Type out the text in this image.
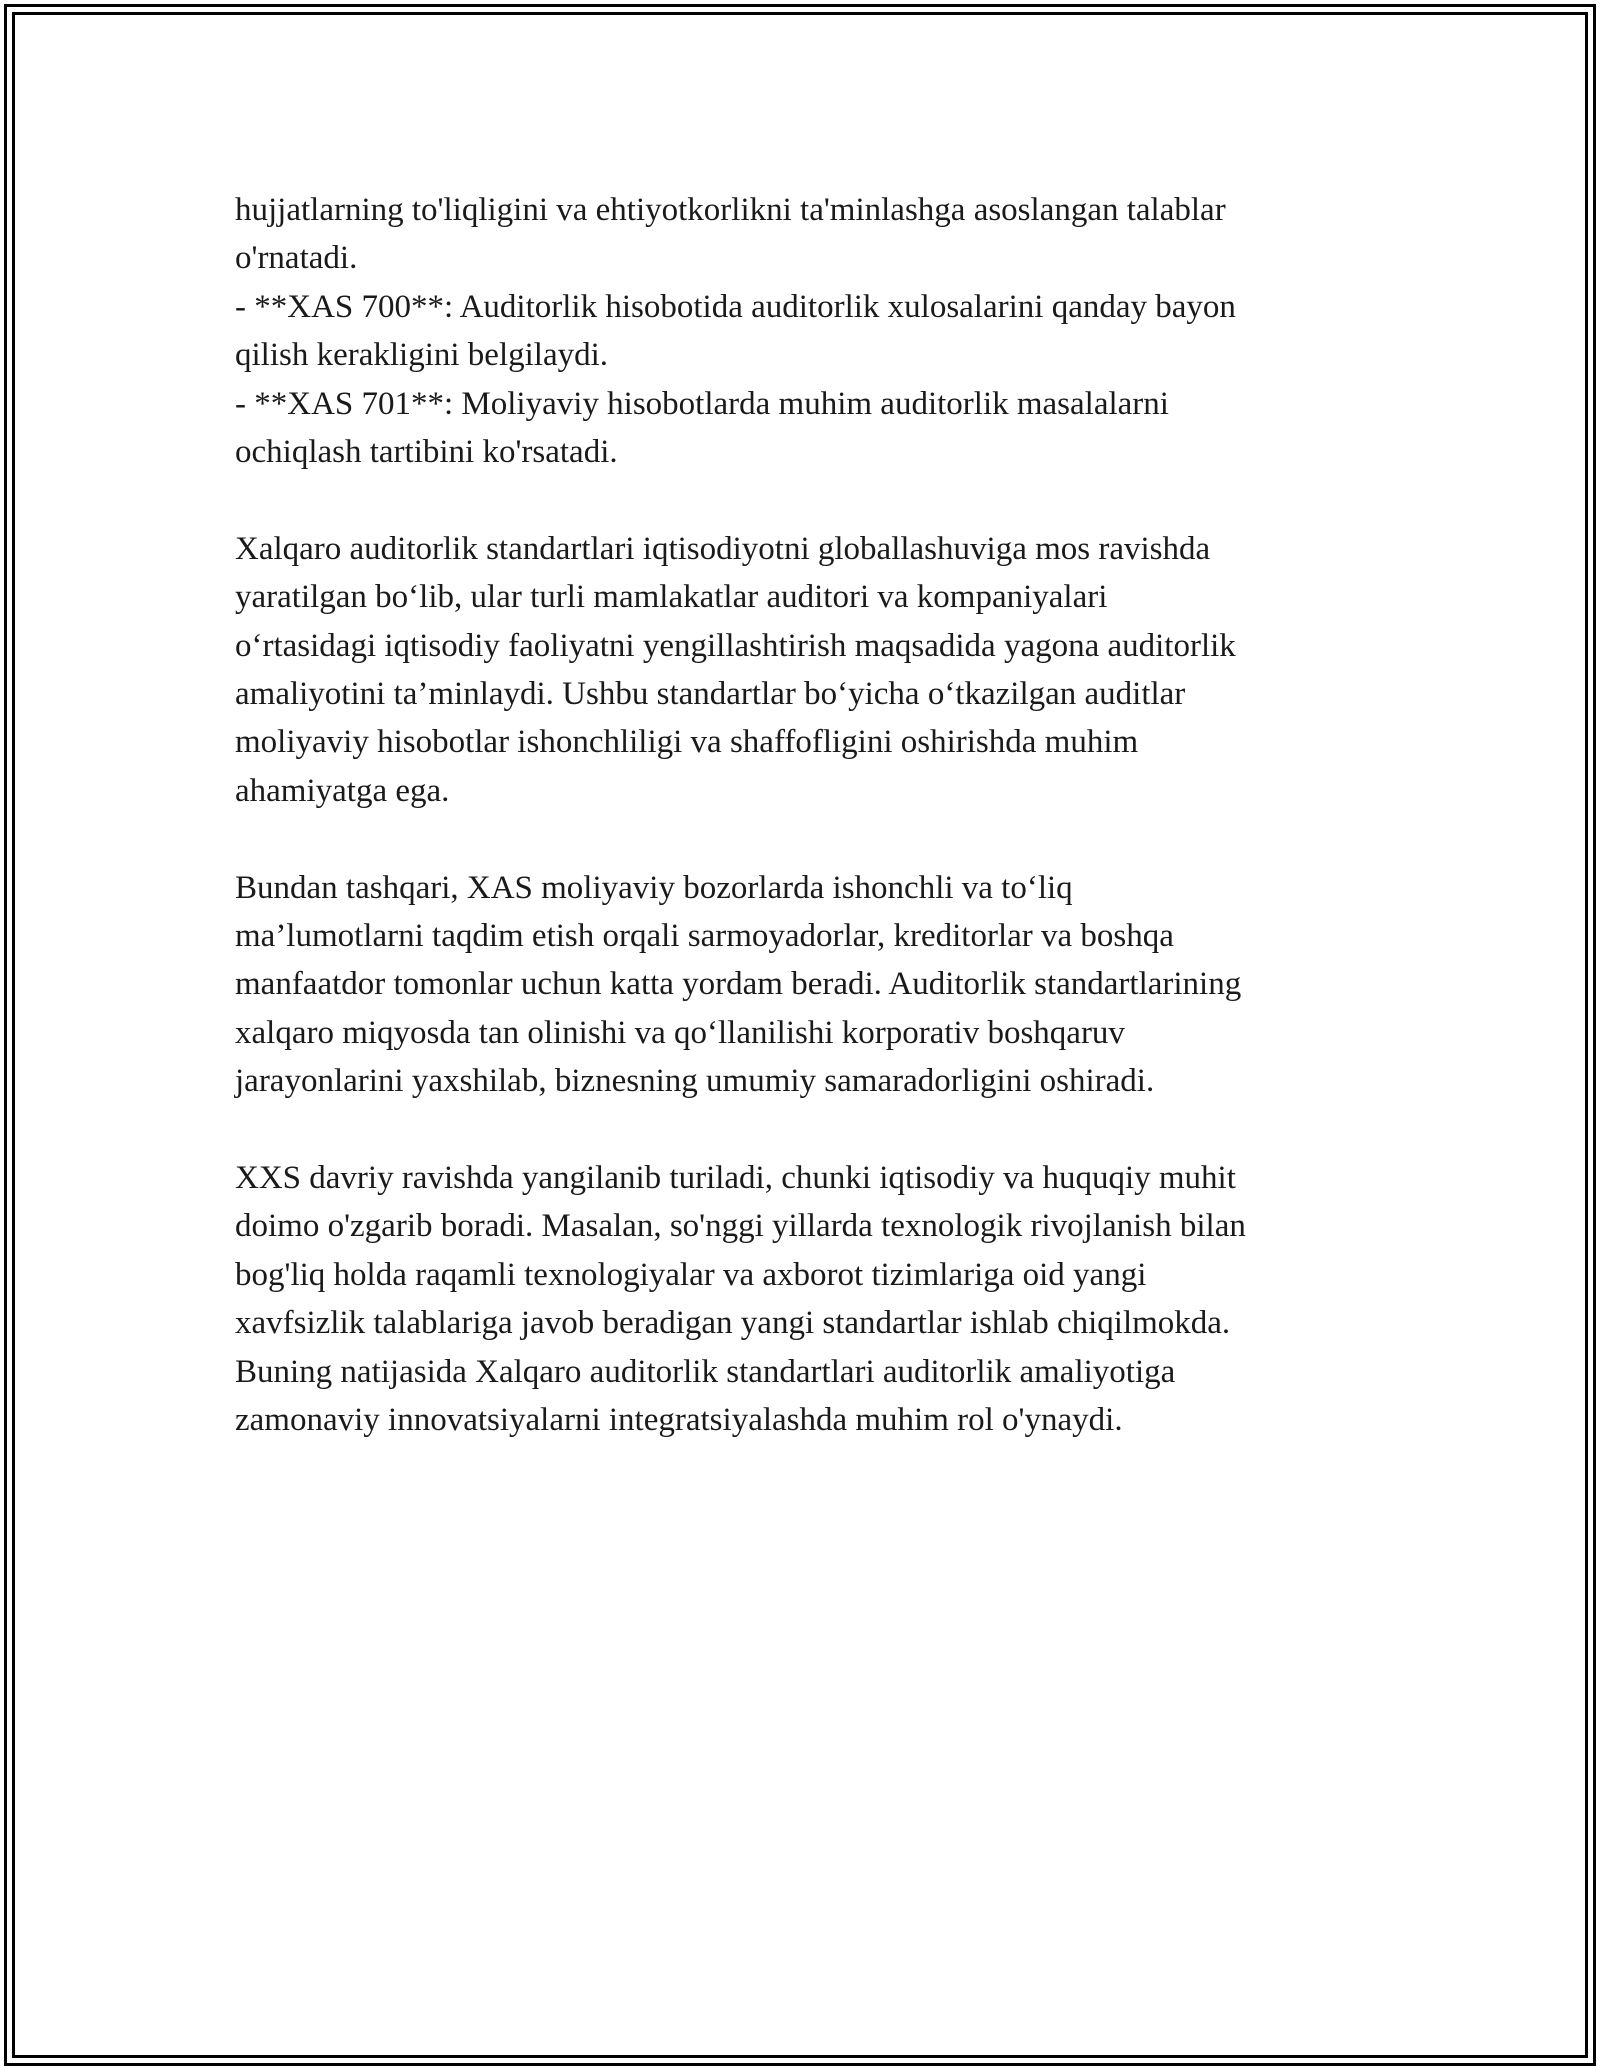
hujjatlarning to'liqligini va ehtiyotkorlikni ta'minlashga asoslangan talablar
o'rnatadi.
- **XAS 700**: Auditorlik hisobotida auditorlik xulosalarini qanday bayon
qilish kerakligini belgilaydi.
- **XAS 701**: Moliyaviy hisobotlarda muhim auditorlik masalalarni
ochiqlash tartibini ko'rsatadi.
Xalqaro auditorlik standartlari iqtisodiyotni globallashuviga mos ravishda
yaratilgan bo‘lib, ular turli mamlakatlar auditori va kompaniyalari
o‘rtasidagi iqtisodiy faoliyatni yengillashtirish maqsadida yagona auditorlik
amaliyotini ta’minlaydi. Ushbu standartlar bo‘yicha o‘tkazilgan auditlar
moliyaviy hisobotlar ishonchliligi va shaffofligini oshirishda muhim
ahamiyatga ega.
Bundan tashqari, XAS moliyaviy bozorlarda ishonchli va to‘liq
ma’lumotlarni taqdim etish orqali sarmoyadorlar, kreditorlar va boshqa
manfaatdor tomonlar uchun katta yordam beradi. Auditorlik standartlarining
xalqaro miqyosda tan olinishi va qo‘llanilishi korporativ boshqaruv
jarayonlarini yaxshilab, biznesning umumiy samaradorligini oshiradi.
XXS davriy ravishda yangilanib turiladi, chunki iqtisodiy va huquqiy muhit
doimo o'zgarib boradi. Masalan, so'nggi yillarda texnologik rivojlanish bilan
bog'liq holda raqamli texnologiyalar va axborot tizimlariga oid yangi
xavfsizlik talablariga javob beradigan yangi standartlar ishlab chiqilmokda.
Buning natijasida Xalqaro auditorlik standartlari auditorlik amaliyotiga
zamonaviy innovatsiyalarni integratsiyalashda muhim rol o'ynaydi.
